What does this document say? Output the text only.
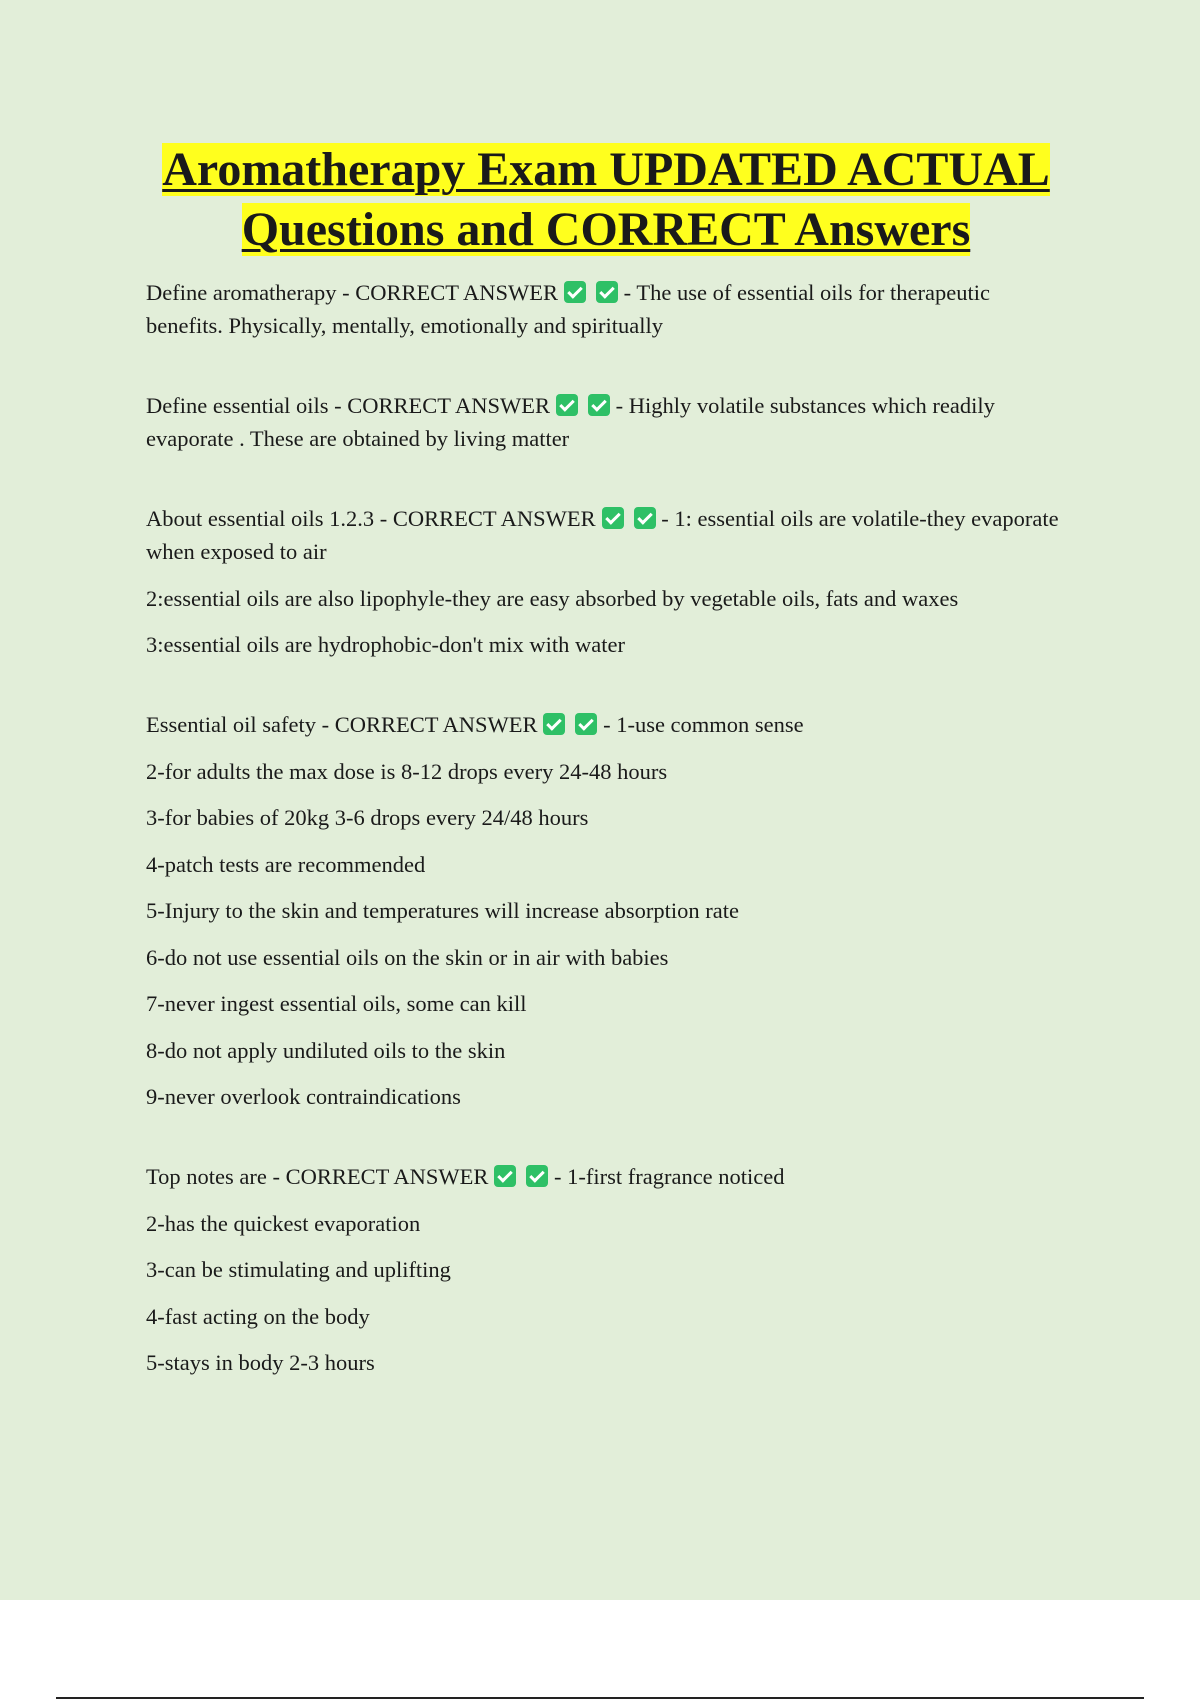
Aromatherapy Exam UPDATED ACTUAL
Questions and CORRECT Answers

Define aromatherapy - CORRECT ANSWER	- The use of essential oils for therapeutic benefits. Physically, mentally, emotionally and spiritually

Define essential oils - CORRECT ANSWER	- Highly volatile substances which readily evaporate . These are obtained by living matter

About essential oils 1.2.3 - CORRECT ANSWER	- 1: essential oils are volatile-they evaporate when exposed to air

2:essential oils are also lipophyle-they are easy absorbed by vegetable oils, fats and waxes

3:essential oils are hydrophobic-don't mix with water

Essential oil safety - CORRECT ANSWER	- 1-use common sense

2-for adults the max dose is 8-12 drops every 24-48 hours

3-for babies of 20kg 3-6 drops every 24/48 hours

4-patch tests are recommended

5-Injury to the skin and temperatures will increase absorption rate

6-do not use essential oils on the skin or in air with babies

7-never ingest essential oils, some can kill

8-do not apply undiluted oils to the skin

9-never overlook contraindications

Top notes are - CORRECT ANSWER	- 1-first fragrance noticed

2-has the quickest evaporation

3-can be stimulating and uplifting

4-fast acting on the body

5-stays in body 2-3 hours
